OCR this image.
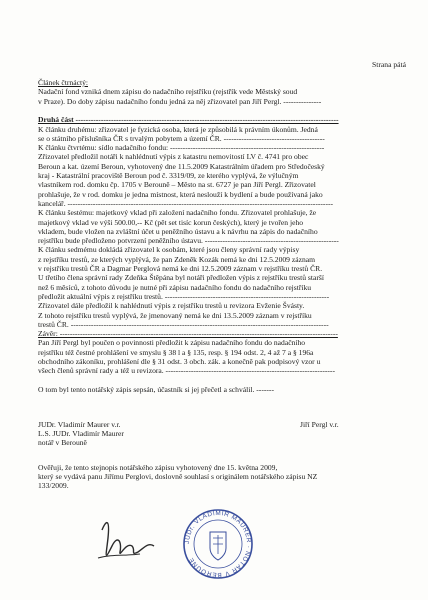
Strana pátá
Článek čtrnáctý:
Nadační fond vzniká dnem zápisu do nadačního rejstříku (rejstřík vede Městský soud
v Praze). Do doby zápisu nadačního fondu jedná za něj zřizovatel pan Jiří Pergl. ---------------
Druhá část --------------------------------------------------------------------------------------------------------
K článku druhému: zřizovatel je fyzická osoba, která je způsobilá k právním úkonům. Jedná
se o státního příslušníka ČR s trvalým pobytem a území ČR. ----------------------------------------
K článku čtvrtému: sídlo nadačního fondu: -------------------------------------------------------------
Zřizovatel předložil notáři k nahlédnutí výpis z katastru nemovitostí LV č. 4741 pro obec
Beroun a kat. území Beroun, vyhotovený dne 11.5.2009 Katastrálním úřadem pro Středočeský
kraj - Katastrální pracoviště Beroun pod č. 3319/09, ze kterého vyplývá, že výlučným
vlastníkem rod. domku čp. 1705 v Berouně – Město na st. 6727 je pan Jiří Pergl. Zřizovatel
prohlašuje, že v rod. domku je jedna místnost, která neslouží k bydlení a bude používaná jako
kancelář. ---------------------------------------------------------------------------------------------------------
K článku šestému: majetkový vklad při založení nadačního fondu. Zřizovatel prohlašuje, že
majetkový vklad ve výši 500.00,-- Kč (pět set tisíc korun českých), který je tvořen jeho
vkladem, bude vložen na zvláštní účet u peněžního ústavu a k návrhu na zápis do nadačního
rejstříku bude předloženo potvrzení peněžního ústavu. -----------------------------------------------------
K článku sedmému dokládá zřizovatel k osobám, které jsou členy správní rady výpisy
z rejstříku trestů, ze kterých vyplývá, že pan Zdeněk Kozák nemá ke dni 12.5.2009 záznam
v rejstříku trestů ČR a Dagmar Perglová nemá ke dni 12.5.2009 záznam v rejstříku trestů ČR.
U třetího člena správní rady Zdeňka Štěpána byl notáři předložen výpis z rejstříku trestů starší
než 6 měsíců, z tohoto důvodu je nutné při zápisu nadačního fondu do nadačního rejstříku
předložit aktuální výpis z rejstříku trestů. -----------------------------------------------------------------
Zřizovatel dále předložil k nahlédnutí výpis z rejstříku trestů u revizora Evženie Švásty.
Z tohoto rejstříku trestů vyplývá, že jmenovaný nemá ke dni 13.5.2009 záznam v rejstříku
trestů ČR. ------------------------------------------------------------------------------------------------------
Závěr: --------------------------------------------------------------------------------------------------------------
Pan Jiří Pergl byl poučen o povinnosti předložit k zápisu nadačního fondu do nadačního
rejstříku též čestné prohlášení ve smyslu § 38 l a § 135, resp. § 194 odst. 2, 4 až 7 a § 196a
obchodního zákoníku, prohlášení dle § 31 odst. 3 obch. zák. a konečně pak podpisový vzor u
všech členů správní rady a též u revizora. -------------------------------------------------------------------
O tom byl tento notářský zápis sepsán, účastník si jej přečetl a schválil. -------
JUDr. Vladimír Maurer v.r.
L.S. JUDr. Vladimír Maurer
notář v Berouně
Jiří Pergl v.r.
Ověřuji, že tento stejnopis notářského zápisu vyhotovený dne 15. května 2009,
který se vydává panu Jiřímu Perglovi, doslovně souhlasí s originálem notářského zápisu NZ
133/2009.
JUDr. VLADIMÍR MAURER · NOTÁŘ V BEROUNĚ
